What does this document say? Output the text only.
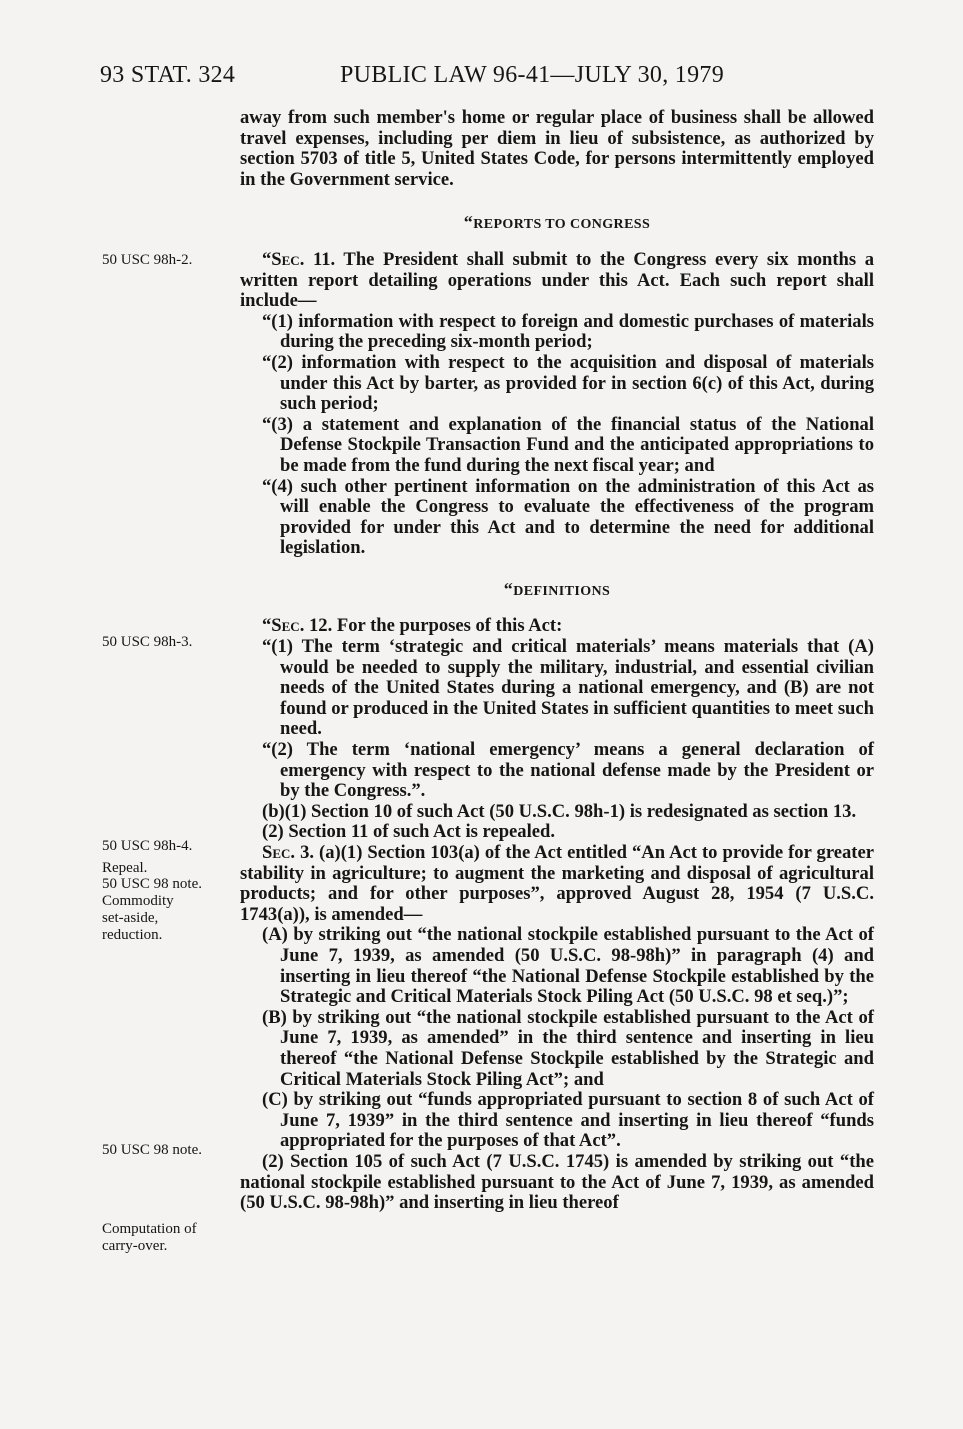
93 STAT. 324	PUBLIC LAW 96-41—JULY 30, 1979
50 USC 98h-2.
50 USC 98h-3.
50 USC 98h-4.
Repeal.
50 USC 98 note.
Commodity
set-aside,
reduction.
50 USC 98 note.
Computation of
carry-over.

away from such member's home or regular place of business shall be allowed travel expenses, including per diem in lieu of subsistence, as authorized by section 5703 of title 5, United States Code, for persons intermittently employed in the Government service.

“REPORTS TO CONGRESS

“Sec. 11. The President shall submit to the Congress every six months a written report detailing operations under this Act. Each such report shall include—

“(1) information with respect to foreign and domestic purchases of materials during the preceding six-month period;

“(2) information with respect to the acquisition and disposal of materials under this Act by barter, as provided for in section 6(c) of this Act, during such period;

“(3) a statement and explanation of the financial status of the National Defense Stockpile Transaction Fund and the anticipated appropriations to be made from the fund during the next fiscal year; and

“(4) such other pertinent information on the administration of this Act as will enable the Congress to evaluate the effectiveness of the program provided for under this Act and to determine the need for additional legislation.

“DEFINITIONS

“Sec. 12. For the purposes of this Act:

“(1) The term ‘strategic and critical materials’ means materials that (A) would be needed to supply the military, industrial, and essential civilian needs of the United States during a national emergency, and (B) are not found or produced in the United States in sufficient quantities to meet such need.

“(2) The term ‘national emergency’ means a general declaration of emergency with respect to the national defense made by the President or by the Congress.”.

(b)(1) Section 10 of such Act (50 U.S.C. 98h-1) is redesignated as section 13.

(2) Section 11 of such Act is repealed.

Sec. 3. (a)(1) Section 103(a) of the Act entitled “An Act to provide for greater stability in agriculture; to augment the marketing and disposal of agricultural products; and for other purposes”, approved August 28, 1954 (7 U.S.C. 1743(a)), is amended—

(A) by striking out “the national stockpile established pursuant to the Act of June 7, 1939, as amended (50 U.S.C. 98-98h)” in paragraph (4) and inserting in lieu thereof “the National Defense Stockpile established by the Strategic and Critical Materials Stock Piling Act (50 U.S.C. 98 et seq.)”;

(B) by striking out “the national stockpile established pursuant to the Act of June 7, 1939, as amended” in the third sentence and inserting in lieu thereof “the National Defense Stockpile established by the Strategic and Critical Materials Stock Piling Act”; and

(C) by striking out “funds appropriated pursuant to section 8 of such Act of June 7, 1939” in the third sentence and inserting in lieu thereof “funds appropriated for the purposes of that Act”.

(2) Section 105 of such Act (7 U.S.C. 1745) is amended by striking out “the national stockpile established pursuant to the Act of June 7, 1939, as amended (50 U.S.C. 98-98h)” and inserting in lieu thereof
